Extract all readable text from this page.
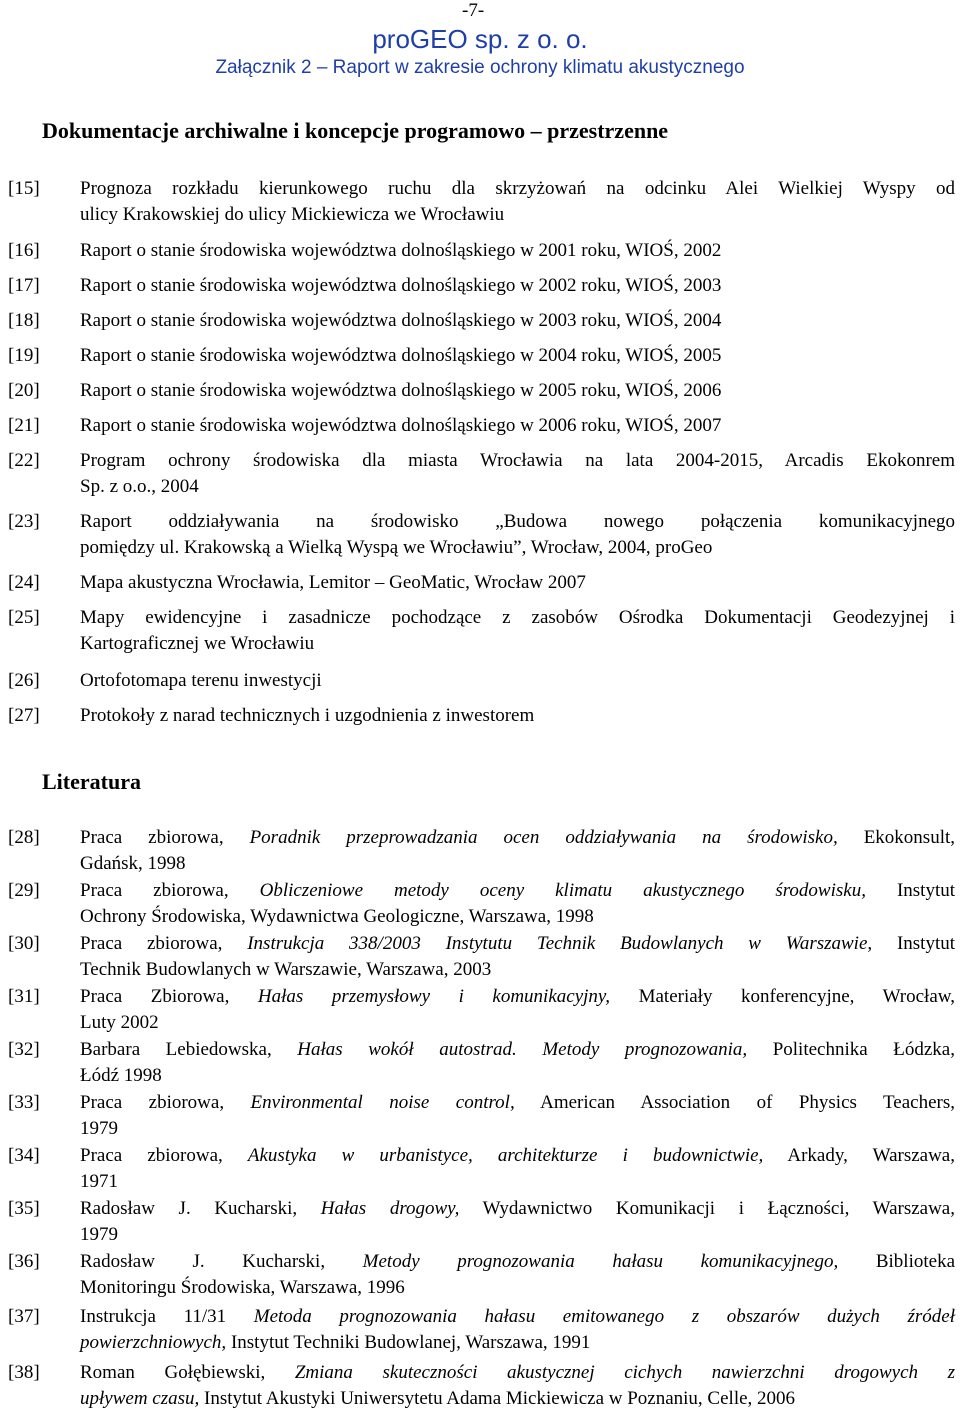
-7-
proGEO sp. z o. o.
Załącznik 2 – Raport w zakresie ochrony klimatu akustycznego
Dokumentacje archiwalne i koncepcje programowo – przestrzenne
[15] Prognoza rozkładu kierunkowego ruchu dla skrzyżowań na odcinku Alei Wielkiej Wyspy od
ulicy Krakowskiej do ulicy Mickiewicza we Wrocławiu
[16] Raport o stanie środowiska województwa dolnośląskiego w 2001 roku, WIOŚ, 2002
[17] Raport o stanie środowiska województwa dolnośląskiego w 2002 roku, WIOŚ, 2003
[18] Raport o stanie środowiska województwa dolnośląskiego w 2003 roku, WIOŚ, 2004
[19] Raport o stanie środowiska województwa dolnośląskiego w 2004 roku, WIOŚ, 2005
[20] Raport o stanie środowiska województwa dolnośląskiego w 2005 roku, WIOŚ, 2006
[21] Raport o stanie środowiska województwa dolnośląskiego w 2006 roku, WIOŚ, 2007
[22] Program ochrony środowiska dla miasta Wrocławia na lata 2004-2015, Arcadis Ekokonrem
Sp. z o.o., 2004
[23] Raport oddziaływania na środowisko „Budowa nowego połączenia komunikacyjnego
pomiędzy ul. Krakowską a Wielką Wyspą we Wrocławiu”, Wrocław, 2004, proGeo
[24] Mapa akustyczna Wrocławia, Lemitor – GeoMatic, Wrocław 2007
[25] Mapy ewidencyjne i zasadnicze pochodzące z zasobów Ośrodka Dokumentacji Geodezyjnej i
Kartograficznej we Wrocławiu
[26] Ortofotomapa terenu inwestycji
[27] Protokoły z narad technicznych i uzgodnienia z inwestorem
Literatura
[28] Praca zbiorowa, Poradnik przeprowadzania ocen oddziaływania na środowisko, Ekokonsult,
Gdańsk, 1998
[29] Praca zbiorowa, Obliczeniowe metody oceny klimatu akustycznego środowisku, Instytut
Ochrony Środowiska, Wydawnictwa Geologiczne, Warszawa, 1998
[30] Praca zbiorowa, Instrukcja 338/2003 Instytutu Technik Budowlanych w Warszawie, Instytut
Technik Budowlanych w Warszawie, Warszawa, 2003
[31] Praca Zbiorowa, Hałas przemysłowy i komunikacyjny, Materiały konferencyjne, Wrocław,
Luty 2002
[32] Barbara Lebiedowska, Hałas wokół autostrad. Metody prognozowania, Politechnika Łódzka,
Łódź 1998
[33] Praca zbiorowa, Environmental noise control, American Association of Physics Teachers,
1979
[34] Praca zbiorowa, Akustyka w urbanistyce, architekturze i budownictwie, Arkady, Warszawa,
1971
[35] Radosław J. Kucharski, Hałas drogowy, Wydawnictwo Komunikacji i Łączności, Warszawa,
1979
[36] Radosław J. Kucharski, Metody prognozowania hałasu komunikacyjnego, Biblioteka
Monitoringu Środowiska, Warszawa, 1996
[37] Instrukcja 11/31 Metoda prognozowania hałasu emitowanego z obszarów dużych źródeł
powierzchniowych, Instytut Techniki Budowlanej, Warszawa, 1991
[38] Roman Gołębiewski, Zmiana skuteczności akustycznej cichych nawierzchni drogowych z
upływem czasu, Instytut Akustyki Uniwersytetu Adama Mickiewicza w Poznaniu, Celle, 2006
